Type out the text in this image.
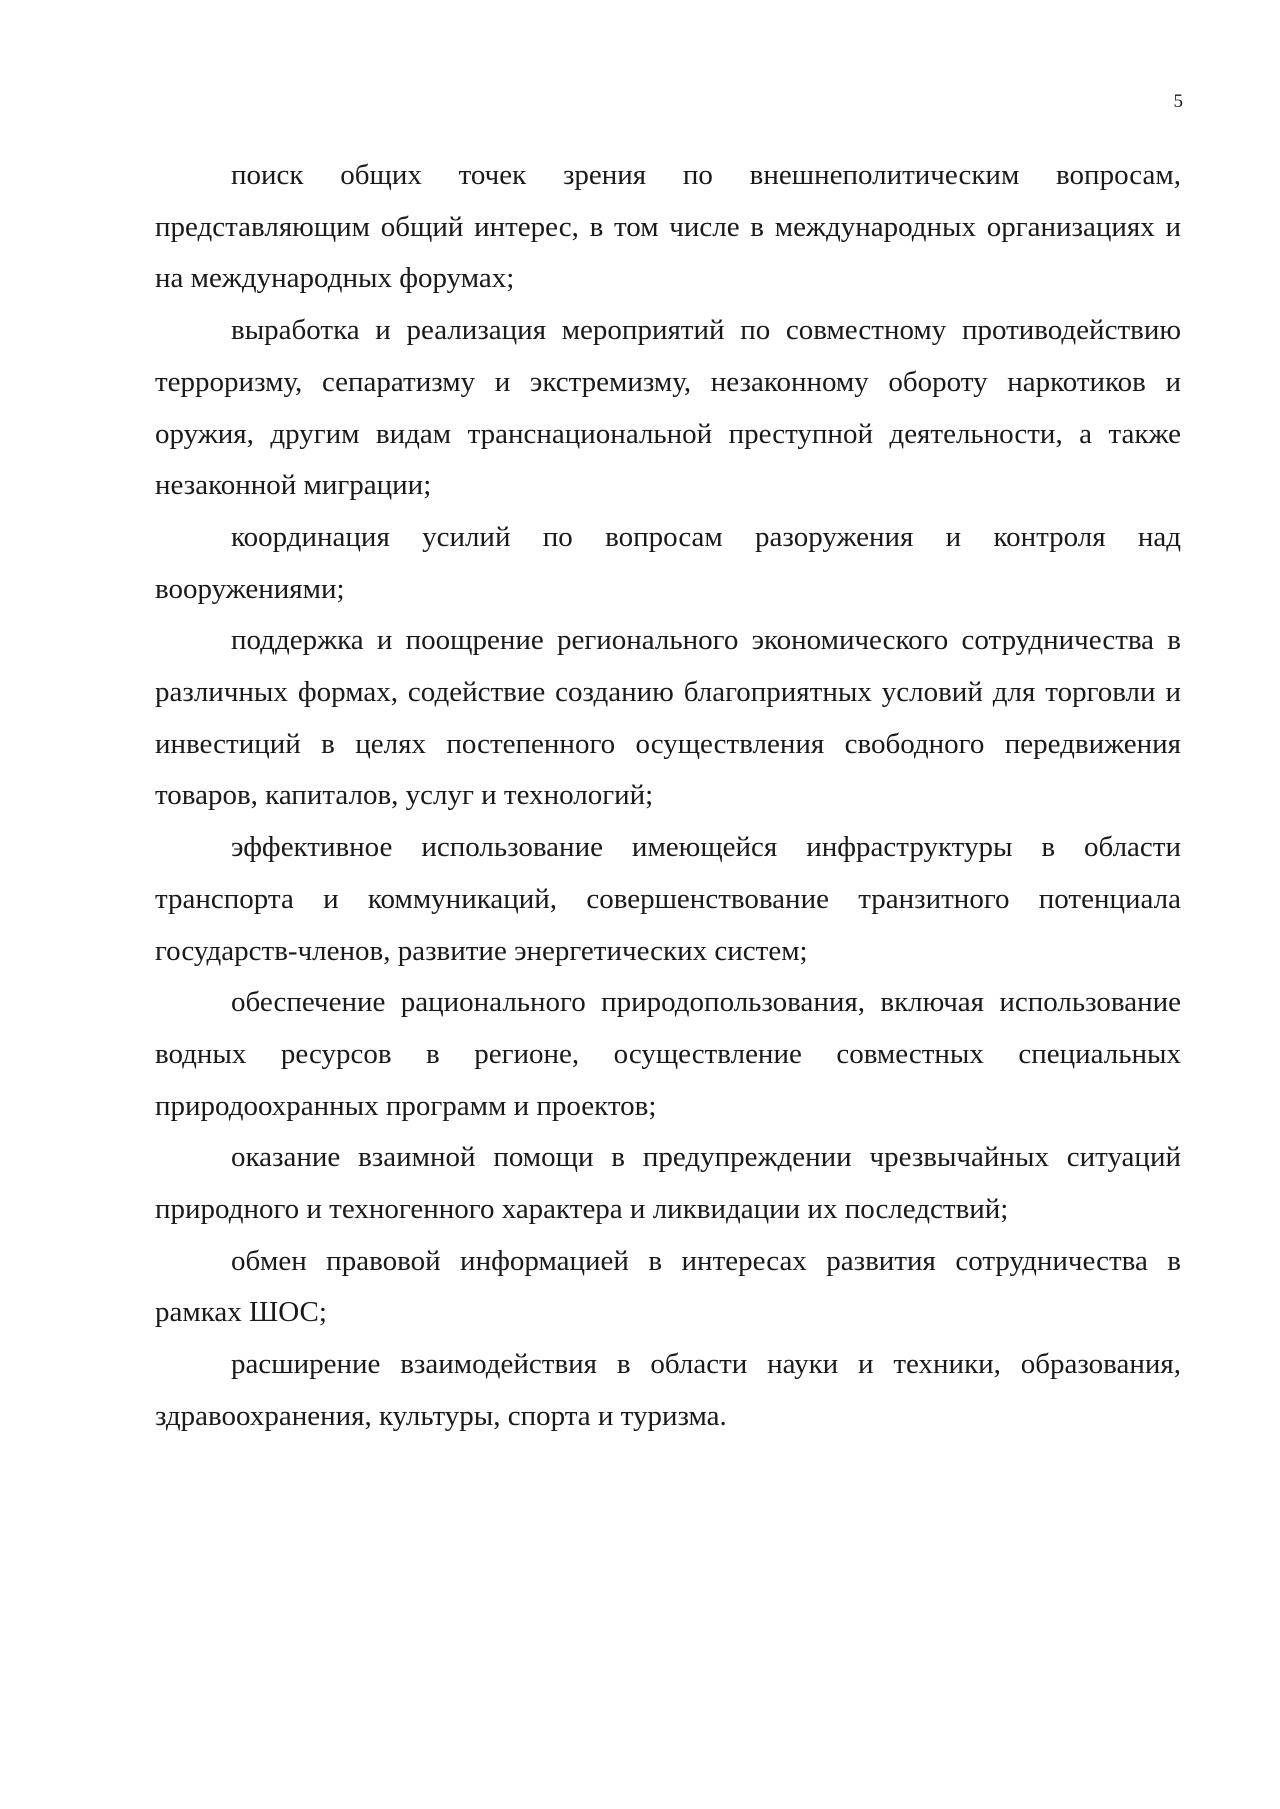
5

поиск общих точек зрения по внешнеполитическим вопросам, представляющим общий интерес, в том числе в международных организациях и на международных форумах;

выработка и реализация мероприятий по совместному противодействию терроризму, сепаратизму и экстремизму, незаконному обороту наркотиков и оружия, другим видам транснациональной преступной деятельности, а также незаконной миграции;

координация усилий по вопросам разоружения и контроля над вооружениями;

поддержка и поощрение регионального экономического сотрудничества в различных формах, содействие созданию благоприятных условий для торговли и инвестиций в целях постепенного осуществления свободного передвижения товаров, капиталов, услуг и технологий;

эффективное использование имеющейся инфраструктуры в области транспорта и коммуникаций, совершенствование транзитного потенциала государств-членов, развитие энергетических систем;

обеспечение рационального природопользования, включая использование водных ресурсов в регионе, осуществление совместных специальных природоохранных программ и проектов;

оказание взаимной помощи в предупреждении чрезвычайных ситуаций природного и техногенного характера и ликвидации их последствий;

обмен правовой информацией в интересах развития сотрудничества в рамках ШОС;

расширение взаимодействия в области науки и техники, образования, здравоохранения, культуры, спорта и туризма.
